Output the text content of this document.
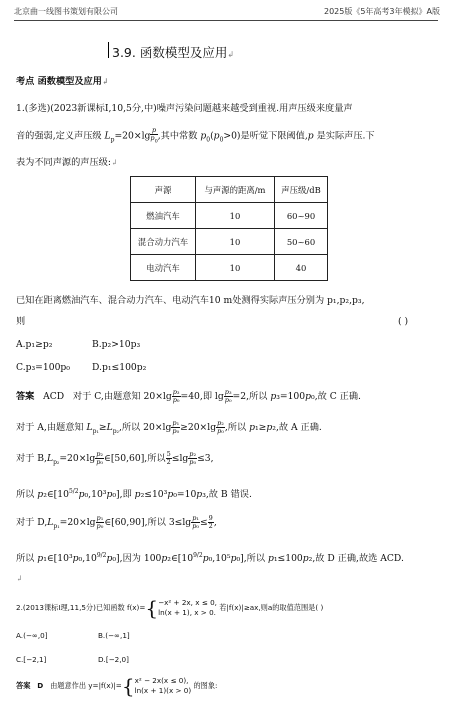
北京曲一线图书策划有限公司	2025版《5年高考3年模拟》A版
3.9. 函数模型及应用↲
考点 函数模型及应用↲
1.(多选)(2023新课标Ⅰ,10,5分,中)噪声污染问题越来越受到重视.用声压级来度量声
音的强弱,定义声压级 $L_p=20\times\lg \frac{p}{p_0}$ ,其中常数 $p_0(p_0>0)$是听觉下限阈值,p 是实际声压.下
表为不同声源的声压级:↲
声源	与声源的距离/m	声压级/dB
燃油汽车	10	60~90
混合动力汽车	10	50~60
电动汽车	10	40
已知在距离燃油汽车、混合动力汽车、电动汽车10 m处测得实际声压分别为 p₁,p₂,p₃,
则	( )
A.p₁≥p₂	B.p₂>10p₃
C.p₃=100p₀ D.p₁≤100p₂
答案 ACD   对于 C,由题意知 $20\times\lg \frac{\text{p₃}}{\text{p₀}} =40$,即 $\lg \frac{\text{p₃}}{\text{p₀}} =2$,所以 p₃=100p₀,故 C 正确.
对于 A,由题意知 $L_{p_1}\ge L_{p_2}$,所以 $20\times\lg \frac{\text{p₁}}{\text{p₀}} \ge 20\times\lg \frac{\text{p₂}}{\text{p₀}}$ ,所以 p₁≥p₂,故 A 正确.
对于 $B,L_{p_2}=20\times\lg \frac{\text{p₂}}{\text{p₀}}$ ∈[50,60],所以 $\frac{5}{2} \le\lg \frac{\text{p₂}}{\text{p₀}} \le 3$,
所以 $p_2\in[10^{5/2}p_0,10^3p_0]$,即 p₂≤10³p₀=10p₃,故 B 错误.
对于 $D,L_{p_1}=20\times\lg \frac{\text{p₁}}{\text{p₀}}$ ∈[60,90],所以 $3\le\lg \frac{\text{p₁}}{\text{p₀}} \le \frac{9}{2}$ ,
所以 $p_1\in[10^3p_0,10^{9/2}p_0]$,因为 $100p_2\in[10^{9/2}p_0,10^5p_0]$,所以 p₁≤100p₂,故 D 正确,故选 ACD.
↲
2.(2013课标Ⅰ理,11,5分)已知函数 f(x)={ −x² + 2x, x ≤ 0,
ln(x + 1), x > 0.
若|f(x)|≥ax,则a的取值范围是( )
A.(−∞,0]	B.(−∞,1]
C.[−2,1]	D.[−2,0]
答案 D 由题意作出 y=|f(x)|={ x² − 2x(x ≤ 0),
ln(x + 1)(x > 0)
的图象:
